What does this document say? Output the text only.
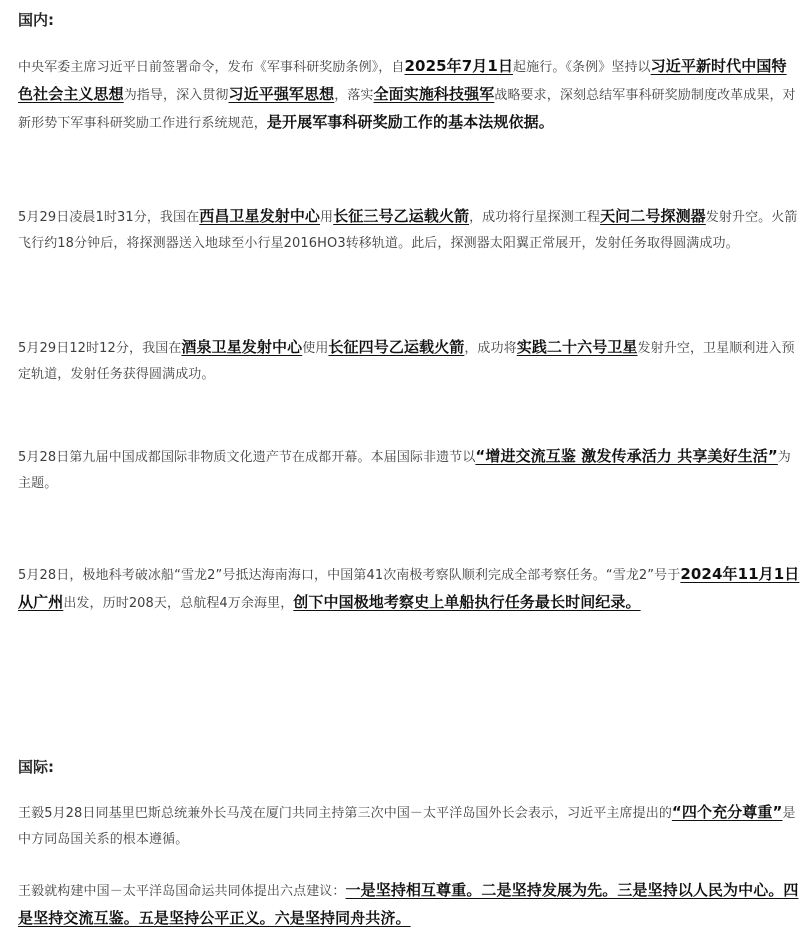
国内:

中央军委主席习近平日前签署命令，发布《军事科研奖励条例》，自2025年7月1日起施行。《条例》坚持以习近平新时代中国特色社会主义思想为指导，深入贯彻习近平强军思想，落实全面实施科技强军战略要求，深刻总结军事科研奖励制度改革成果，对新形势下军事科研奖励工作进行系统规范，是开展军事科研奖励工作的基本法规依据。

5月29日凌晨1时31分，我国在西昌卫星发射中心用长征三号乙运载火箭，成功将行星探测工程天问二号探测器发射升空。火箭飞行约18分钟后，将探测器送入地球至小行星2016HO3转移轨道。此后，探测器太阳翼正常展开，发射任务取得圆满成功。

5月29日12时12分，我国在酒泉卫星发射中心使用长征四号乙运载火箭，成功将实践二十六号卫星发射升空，卫星顺利进入预定轨道，发射任务获得圆满成功。

5月28日第九届中国成都国际非物质文化遗产节在成都开幕。本届国际非遗节以“增进交流互鉴 激发传承活力 共享美好生活”为主题。

5月28日，极地科考破冰船“雪龙2”号抵达海南海口，中国第41次南极考察队顺利完成全部考察任务。“雪龙2”号于2024年11月1日从广州出发，历时208天，总航程4万余海里，创下中国极地考察史上单船执行任务最长时间纪录。

国际:

王毅5月28日同基里巴斯总统兼外长马茂在厦门共同主持第三次中国－太平洋岛国外长会表示，习近平主席提出的“四个充分尊重”是中方同岛国关系的根本遵循。

王毅就构建中国－太平洋岛国命运共同体提出六点建议：一是坚持相互尊重。二是坚持发展为先。三是坚持以人民为中心。四是坚持交流互鉴。五是坚持公平正义。六是坚持同舟共济。
